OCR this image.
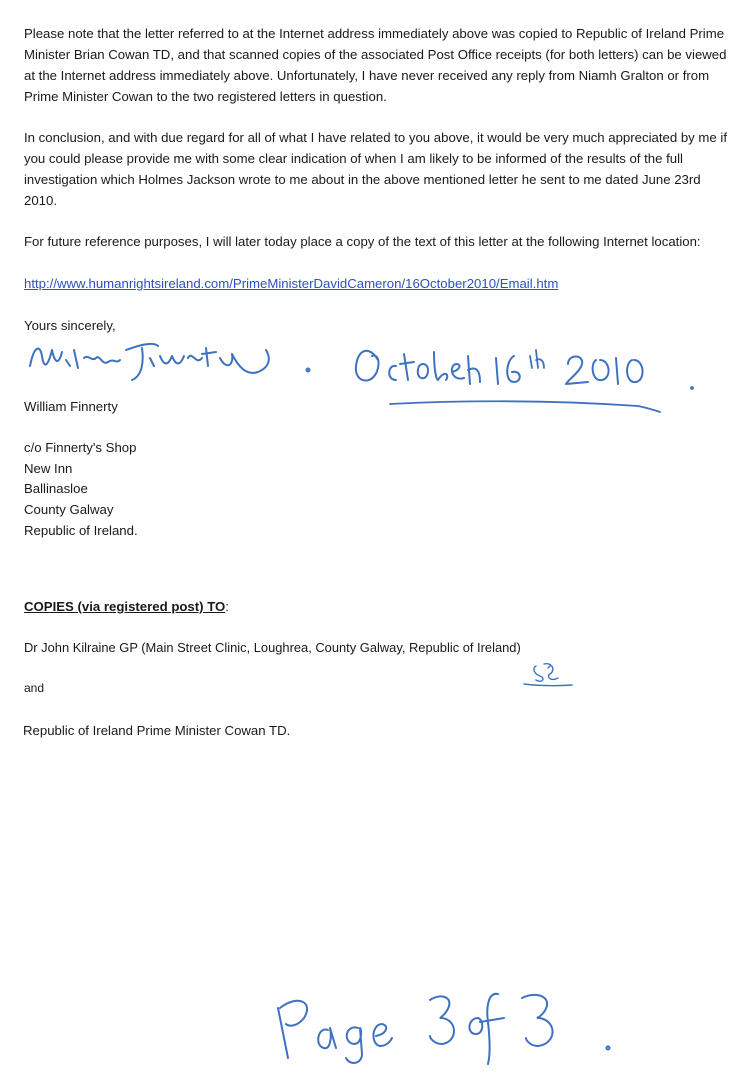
Please note that the letter referred to at the Internet address immediately above was copied to Republic of Ireland Prime Minister Brian Cowan TD, and that scanned copies of the associated Post Office receipts (for both letters) can be viewed at the Internet address immediately above. Unfortunately, I have never received any reply from Niamh Gralton or from Prime Minister Cowan to the two registered letters in question.

In conclusion, and with due regard for all of what I have related to you above, it would be very much appreciated by me if you could please provide me with some clear indication of when I am likely to be informed of the results of the full investigation which Holmes Jackson wrote to me about in the above mentioned letter he sent to me dated June 23rd 2010.

For future reference purposes, I will later today place a copy of the text of this letter at the following Internet location:

http://www.humanrightsireland.com/PrimeMinisterDavidCameron/16October2010/Email.htm

Yours sincerely,

William Finnerty

c/o Finnerty's Shop

New Inn

Ballinasloe

County Galway

Republic of Ireland.

COPIES (via registered post) TO:

Dr John Kilraine GP (Main Street Clinic, Loughrea, County Galway, Republic of Ireland)

and

Republic of Ireland Prime Minister Cowan TD.
